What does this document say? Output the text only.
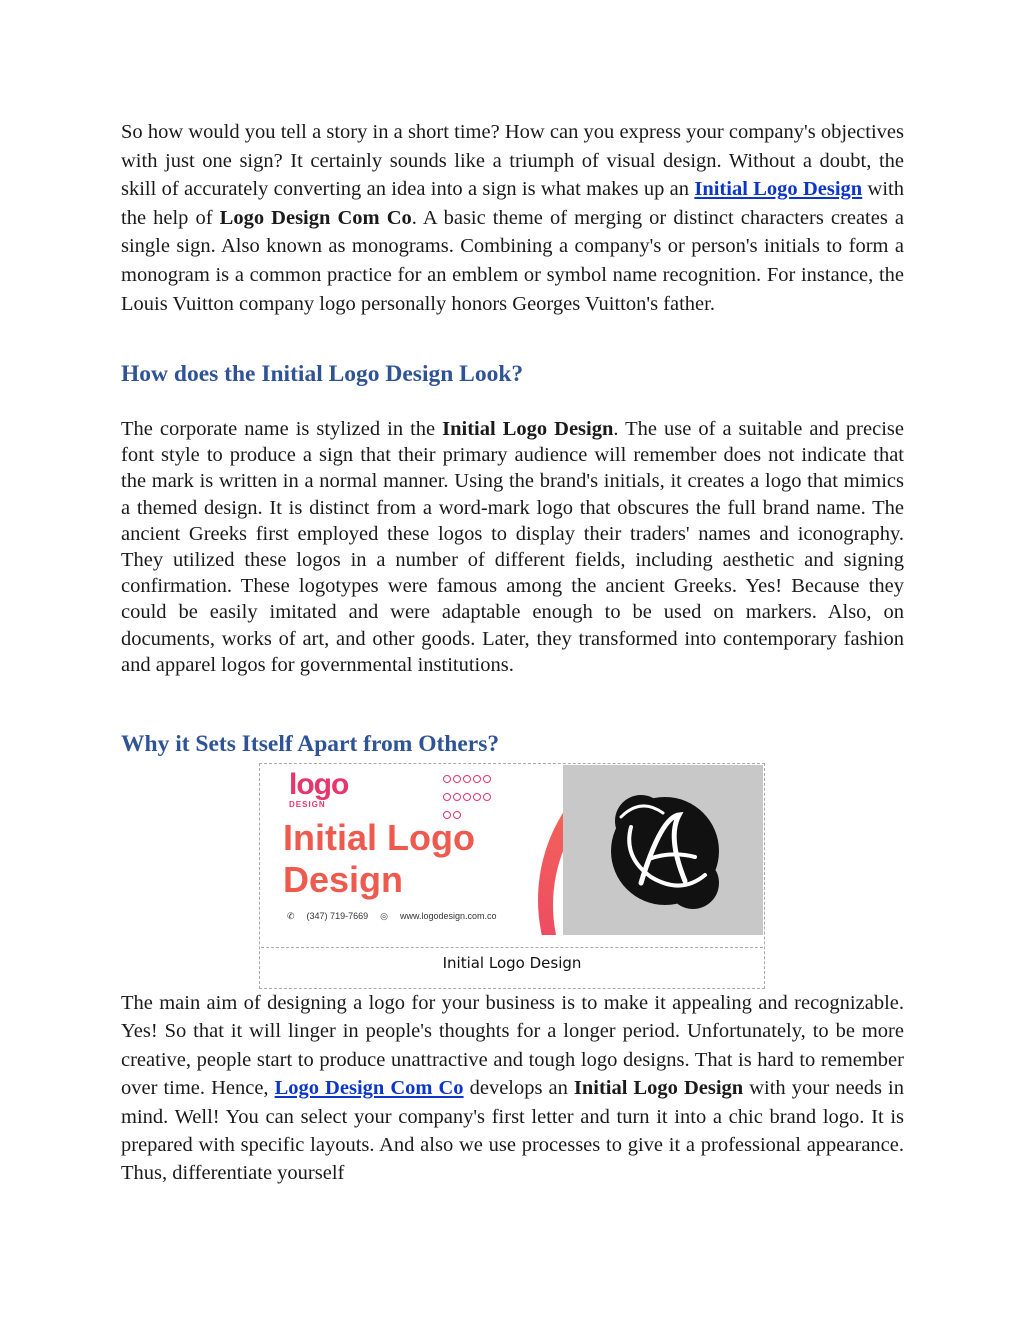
So how would you tell a story in a short time? How can you express your company's objectives with just one sign? It certainly sounds like a triumph of visual design. Without a doubt, the skill of accurately converting an idea into a sign is what makes up an Initial Logo Design with the help of Logo Design Com Co. A basic theme of merging or distinct characters creates a single sign. Also known as monograms. Combining a company's or person's initials to form a monogram is a common practice for an emblem or symbol name recognition. For instance, the Louis Vuitton company logo personally honors Georges Vuitton's father.

How does the Initial Logo Design Look?

The corporate name is stylized in the Initial Logo Design. The use of a suitable and precise font style to produce a sign that their primary audience will remember does not indicate that the mark is written in a normal manner. Using the brand's initials, it creates a logo that mimics a themed design. It is distinct from a word-mark logo that obscures the full brand name. The ancient Greeks first employed these logos to display their traders' names and iconography. They utilized these logos in a number of different fields, including aesthetic and signing confirmation. These logotypes were famous among the ancient Greeks. Yes! Because they could be easily imitated and were adaptable enough to be used on markers. Also, on documents, works of art, and other goods. Later, they transformed into contemporary fashion and apparel logos for governmental institutions.

Why it Sets Itself Apart from Others?

The main aim of designing a logo for your business is to make it appealing and recognizable. Yes! So that it will linger in people's thoughts for a longer period. Unfortunately, to be more creative, people start to produce unattractive and tough logo designs. That is hard to remember over time. Hence, Logo Design Com Co develops an Initial Logo Design with your needs in mind. Well! You can select your company's first letter and turn it into a chic brand logo. It is prepared with specific layouts. And also we use processes to give it a professional appearance. Thus, differentiate yourself

logo
DESIGN
Initial Logo
Design
✆ (347) 719-7669 ◎ www.logodesign.com.co
Initial Logo Design
